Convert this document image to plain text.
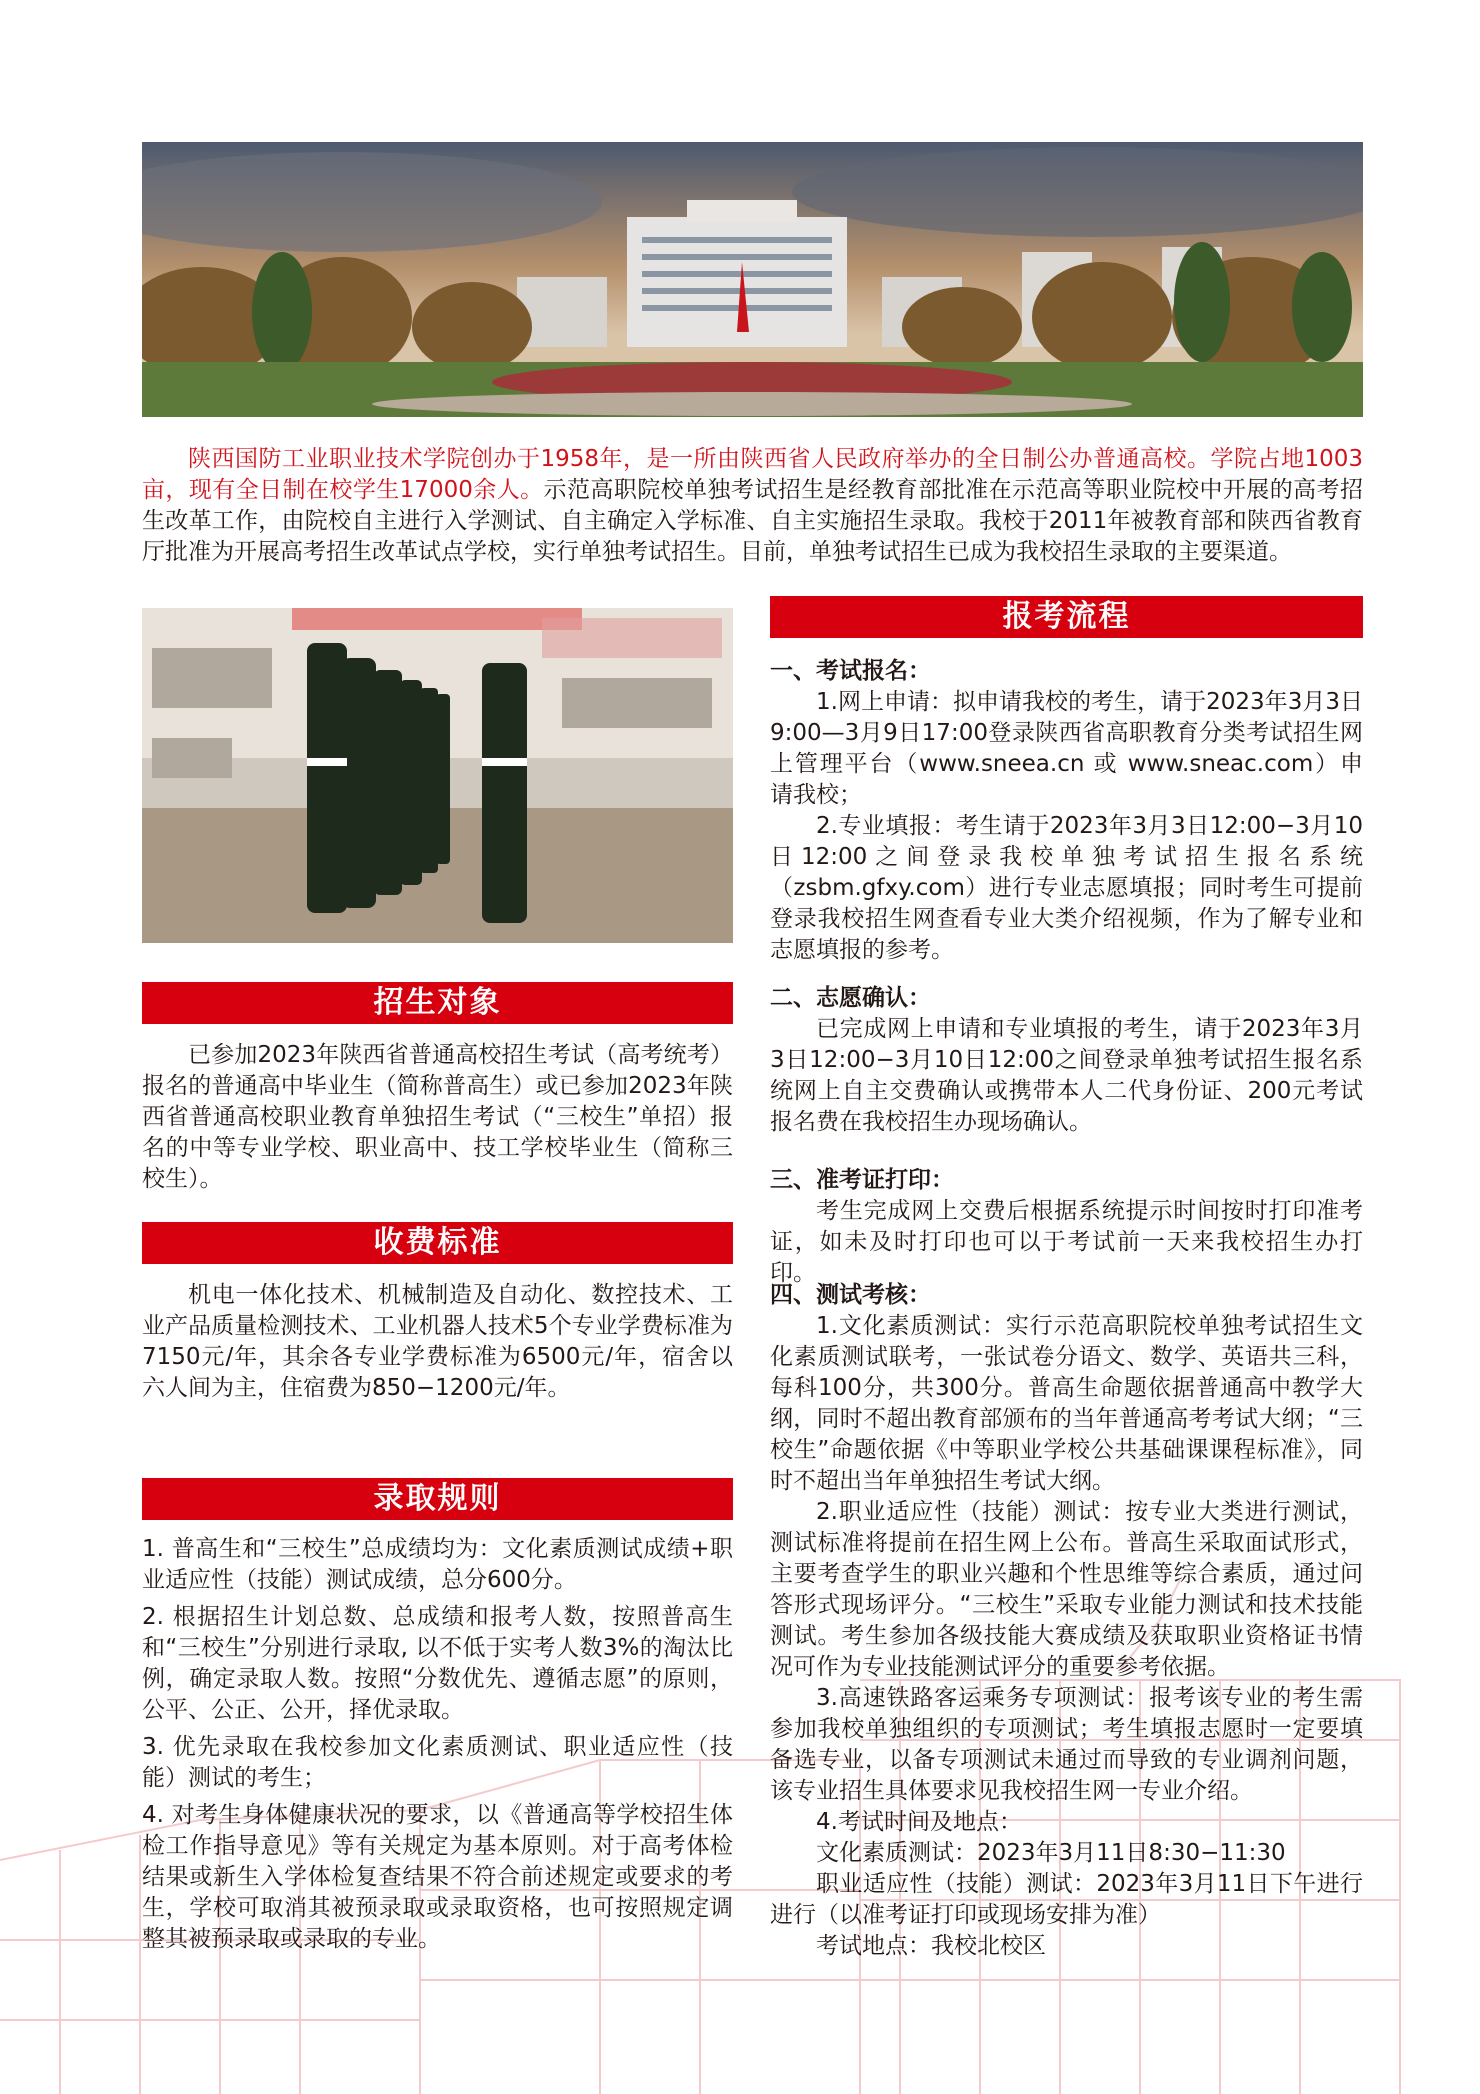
陕西国防工业职业技术学院创办于1958年，是一所由陕西省人民政府举办的全日制公办普通高校。学院占地1003亩，现有全日制在校学生17000余人。示范高职院校单独考试招生是经教育部批准在示范高等职业院校中开展的高考招生改革工作，由院校自主进行入学测试、自主确定入学标准、自主实施招生录取。我校于2011年被教育部和陕西省教育厅批准为开展高考招生改革试点学校，实行单独考试招生。目前，单独考试招生已成为我校招生录取的主要渠道。
报考流程

一、考试报名：

1.网上申请：拟申请我校的考生，请于2023年3月3日9:00—3月9日17:00登录陕西省高职教育分类考试招生网上管理平台（www.sneea.cn 或 www.sneac.com）申请我校；

2.专业填报：考生请于2023年3月3日12:00−3月10日12:00之间登录我校单独考试招生报名系统（zsbm.gfxy.com）进行专业志愿填报；同时考生可提前登录我校招生网查看专业大类介绍视频，作为了解专业和志愿填报的参考。

二、志愿确认：

已完成网上申请和专业填报的考生，请于2023年3月3日12:00−3月10日12:00之间登录单独考试招生报名系统网上自主交费确认或携带本人二代身份证、200元考试报名费在我校招生办现场确认。

三、准考证打印：

考生完成网上交费后根据系统提示时间按时打印准考证，如未及时打印也可以于考试前一天来我校招生办打印。

四、测试考核：

1.文化素质测试：实行示范高职院校单独考试招生文化素质测试联考，一张试卷分语文、数学、英语共三科，每科100分，共300分。普高生命题依据普通高中教学大纲，同时不超出教育部颁布的当年普通高考考试大纲；“三校生”命题依据《中等职业学校公共基础课课程标准》，同时不超出当年单独招生考试大纲。

2.职业适应性（技能）测试：按专业大类进行测试，测试标准将提前在招生网上公布。普高生采取面试形式，主要考查学生的职业兴趣和个性思维等综合素质，通过问答形式现场评分。“三校生”采取专业能力测试和技术技能测试。考生参加各级技能大赛成绩及获取职业资格证书情况可作为专业技能测试评分的重要参考依据。

3.高速铁路客运乘务专项测试：报考该专业的考生需参加我校单独组织的专项测试；考生填报志愿时一定要填备选专业，以备专项测试未通过而导致的专业调剂问题，该专业招生具体要求见我校招生网一专业介绍。

4.考试时间及地点：

文化素质测试：2023年3月11日8:30−11:30

职业适应性（技能）测试：2023年3月11日下午进行进行（以准考证打印或现场安排为准）

考试地点：我校北校区

招生对象
已参加2023年陕西省普通高校招生考试（高考统考）报名的普通高中毕业生（简称普高生）或已参加2023年陕西省普通高校职业教育单独招生考试（“三校生”单招）报名的中等专业学校、职业高中、技工学校毕业生（简称三校生）。
收费标准
机电一体化技术、机械制造及自动化、数控技术、工业产品质量检测技术、工业机器人技术5个专业学费标准为7150元/年，其余各专业学费标准为6500元/年，宿舍以六人间为主，住宿费为850−1200元/年。
录取规则

1. 普高生和“三校生”总成绩均为：文化素质测试成绩+职业适应性（技能）测试成绩，总分600分。

2. 根据招生计划总数、总成绩和报考人数，按照普高生和“三校生”分别进行录取, 以不低于实考人数3%的淘汰比例，确定录取人数。按照“分数优先、遵循志愿”的原则，公平、公正、公开，择优录取。

3. 优先录取在我校参加文化素质测试、职业适应性（技能）测试的考生；

4. 对考生身体健康状况的要求，以《普通高等学校招生体检工作指导意见》等有关规定为基本原则。对于高考体检结果或新生入学体检复查结果不符合前述规定或要求的考生，学校可取消其被预录取或录取资格，也可按照规定调整其被预录取或录取的专业。
